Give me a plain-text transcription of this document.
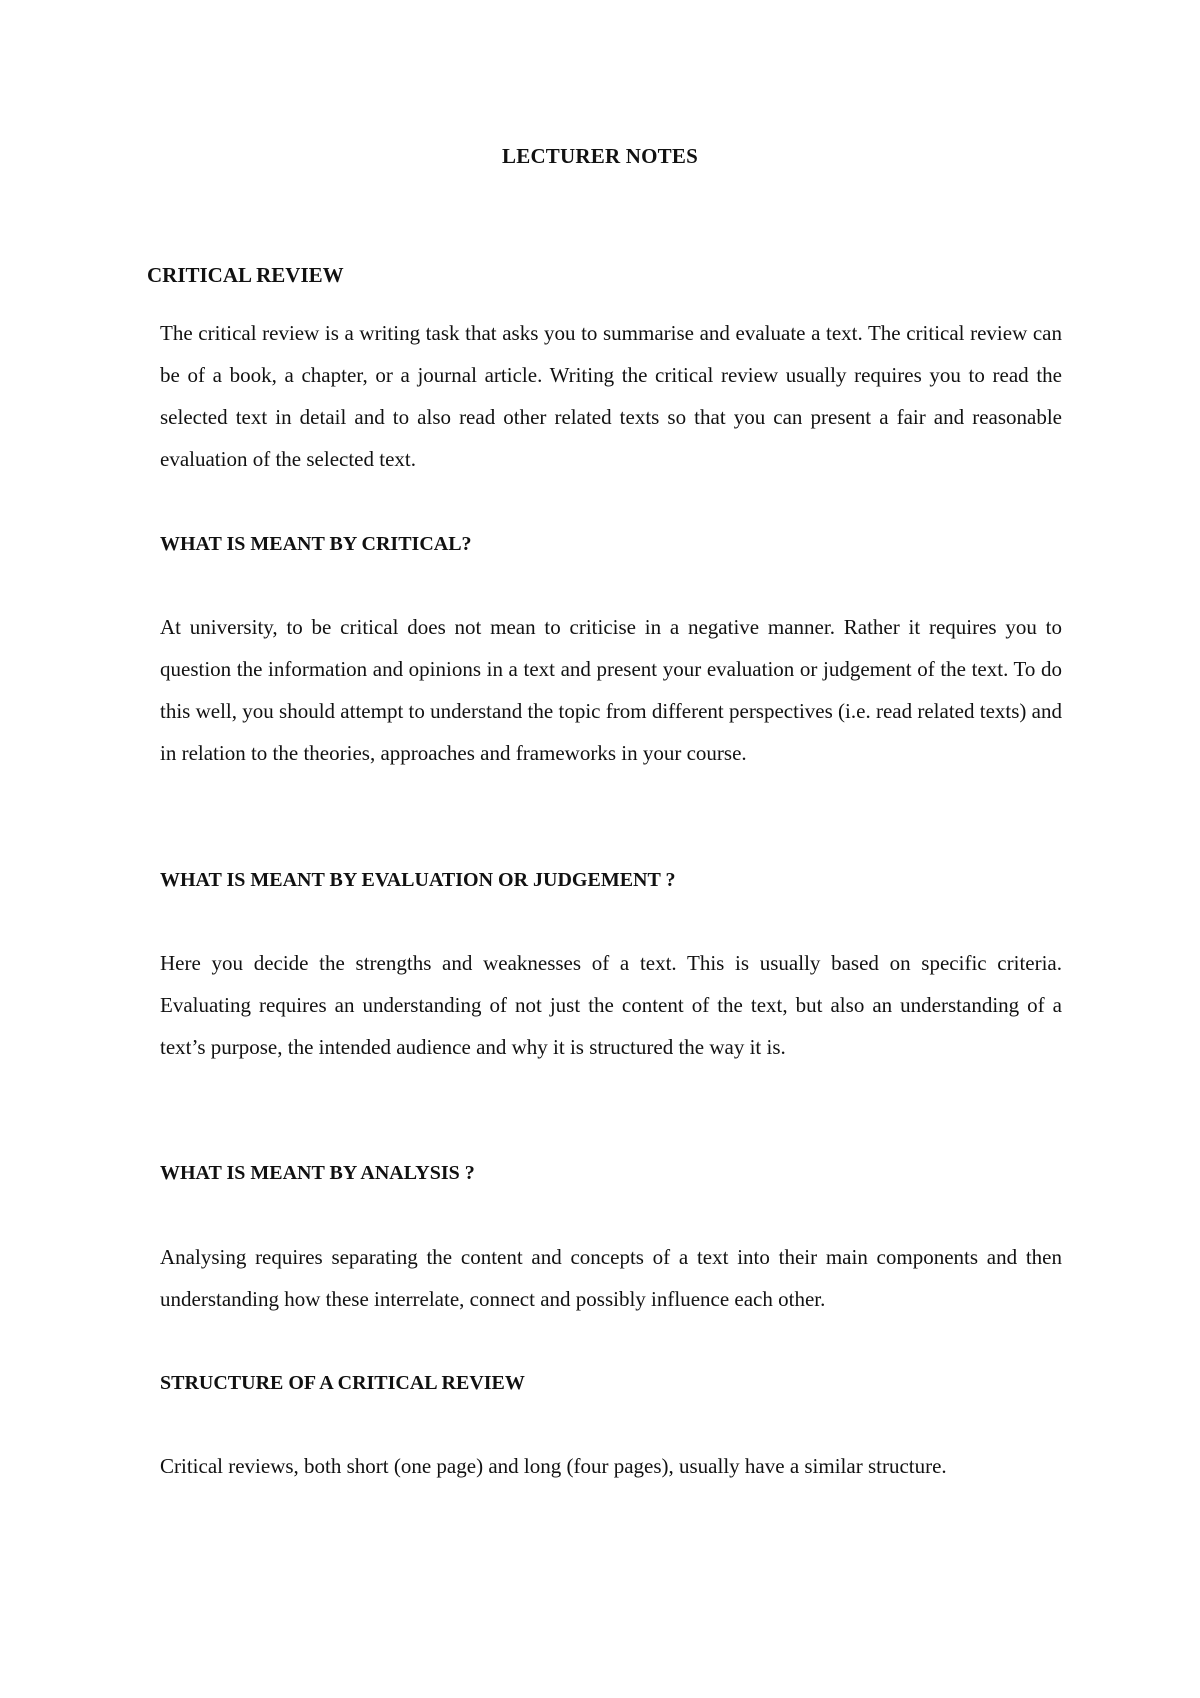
LECTURER NOTES
CRITICAL REVIEW
The critical review is a writing task that asks you to summarise and evaluate a text. The critical review can be of a book, a chapter, or a journal article. Writing the critical review usually requires you to read the selected text in detail and to also read other related texts so that you can present a fair and reasonable evaluation of the selected text.
WHAT IS MEANT BY CRITICAL?
At university, to be critical does not mean to criticise in a negative manner. Rather it requires you to question the information and opinions in a text and present your evaluation or judgement of the text. To do this well, you should attempt to understand the topic from different perspectives (i.e. read related texts) and in relation to the theories, approaches and frameworks in your course.
WHAT IS MEANT BY EVALUATION OR JUDGEMENT ?
Here you decide the strengths and weaknesses of a text. This is usually based on specific criteria. Evaluating requires an understanding of not just the content of the text, but also an understanding of a text’s purpose, the intended audience and why it is structured the way it is.
WHAT IS MEANT BY ANALYSIS ?
Analysing requires separating the content and concepts of a text into their main components and then understanding how these interrelate, connect and possibly influence each other.
STRUCTURE OF A CRITICAL REVIEW
Critical reviews, both short (one page) and long (four pages), usually have a similar structure.
